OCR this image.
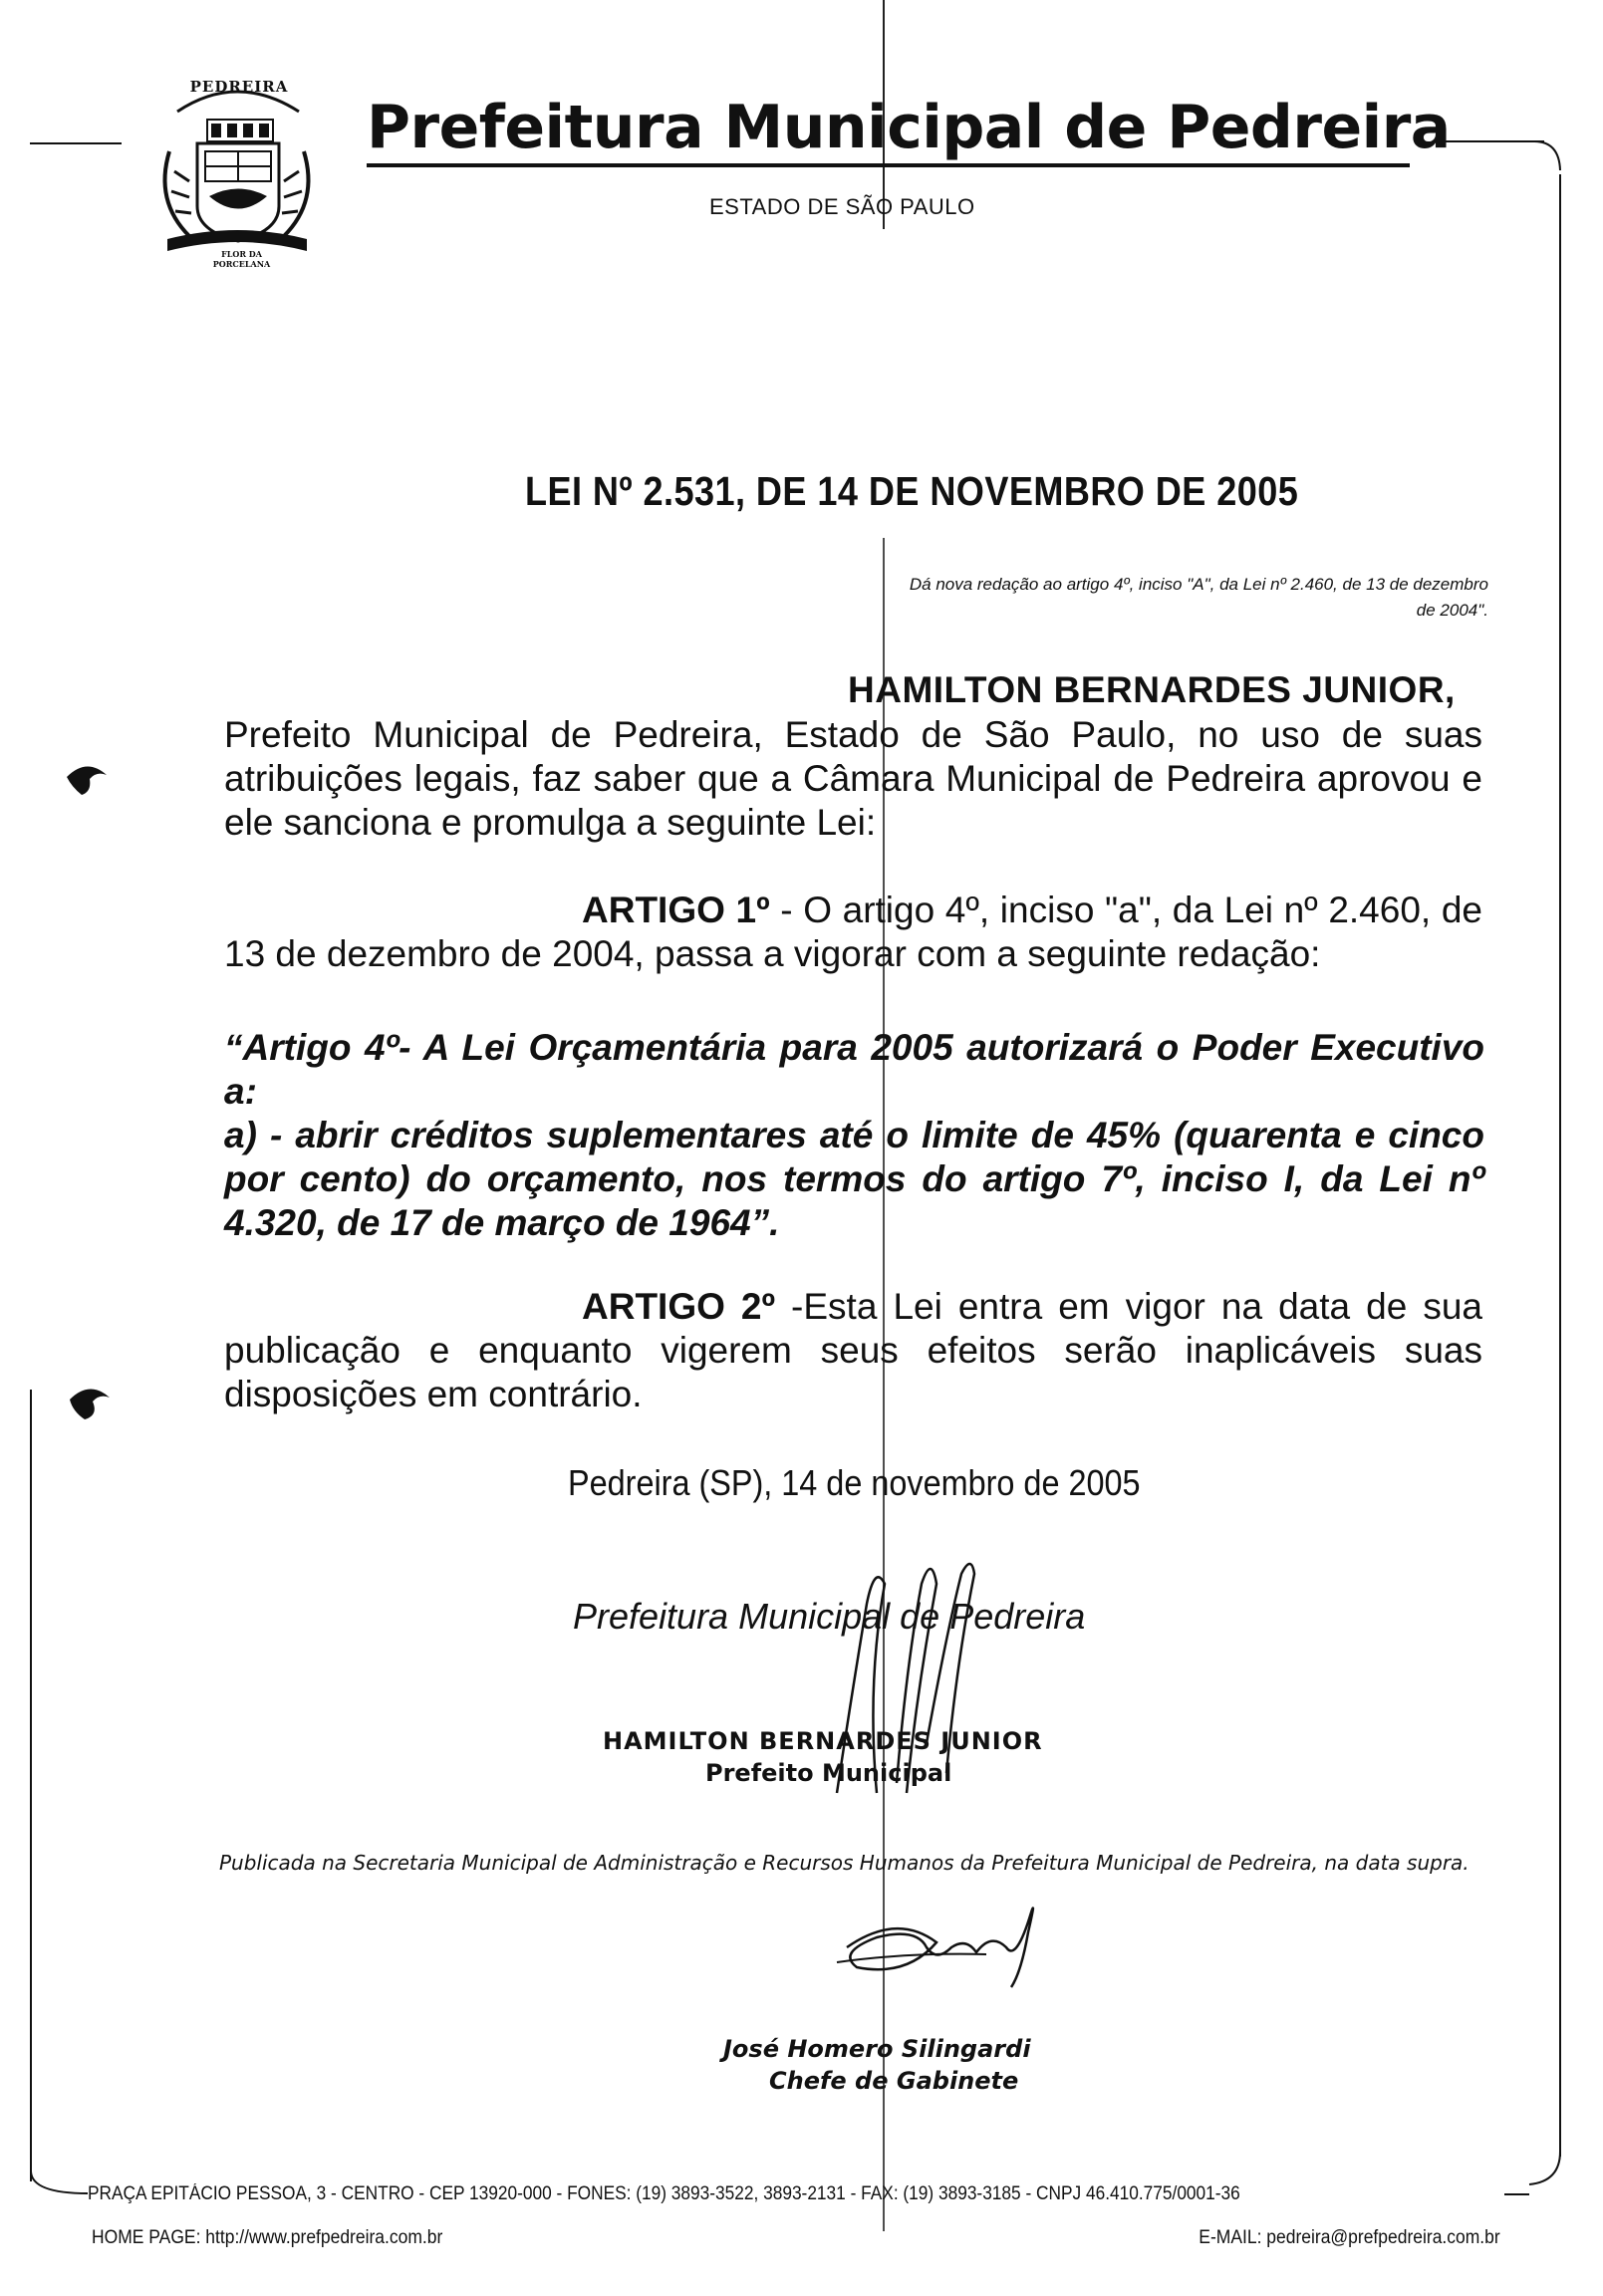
PEDREIRA
FLOR DA PORCELANA
Prefeitura Municipal de Pedreira
ESTADO DE SÃO PAULO
LEI Nº 2.531, DE 14 DE NOVEMBRO DE 2005
Dá nova redação ao artigo 4º, inciso "A", da Lei nº 2.460, de 13 de dezembro de 2004".
HAMILTON BERNARDES JUNIOR,
Prefeito Municipal de Pedreira, Estado de São Paulo, no uso de suas atribuições legais, faz saber que a Câmara Municipal de Pedreira aprovou e ele sanciona e promulga a seguinte Lei:
ARTIGO 1º - O artigo 4º, inciso "a", da Lei nº 2.460, de 13 de dezembro de 2004, passa a vigorar com a seguinte redação:
“Artigo 4º- A Lei Orçamentária para 2005 autorizará o Poder Executivo a:
a) - abrir créditos suplementares até o limite de 45% (quarenta e cinco por cento) do orçamento, nos termos do artigo 7º, inciso I, da Lei nº 4.320, de 17 de março de 1964”.
ARTIGO 2º -Esta Lei entra em vigor na data de sua publicação e enquanto vigerem seus efeitos serão inaplicáveis suas disposições em contrário.
Pedreira (SP), 14 de novembro de 2005
Prefeitura Municipal de Pedreira
HAMILTON BERNARDES JUNIOR
Prefeito Municipal
Publicada na Secretaria Municipal de Administração e Recursos Humanos da Prefeitura Municipal de Pedreira, na data supra.
José Homero Silingardi
Chefe de Gabinete
PRAÇA EPITÁCIO PESSOA, 3 - CENTRO - CEP 13920-000 - FONES: (19) 3893-3522, 3893-2131 - FAX: (19) 3893-3185 - CNPJ 46.410.775/0001-36
HOME PAGE: http://www.prefpedreira.com.br	E-MAIL: pedreira@prefpedreira.com.br
